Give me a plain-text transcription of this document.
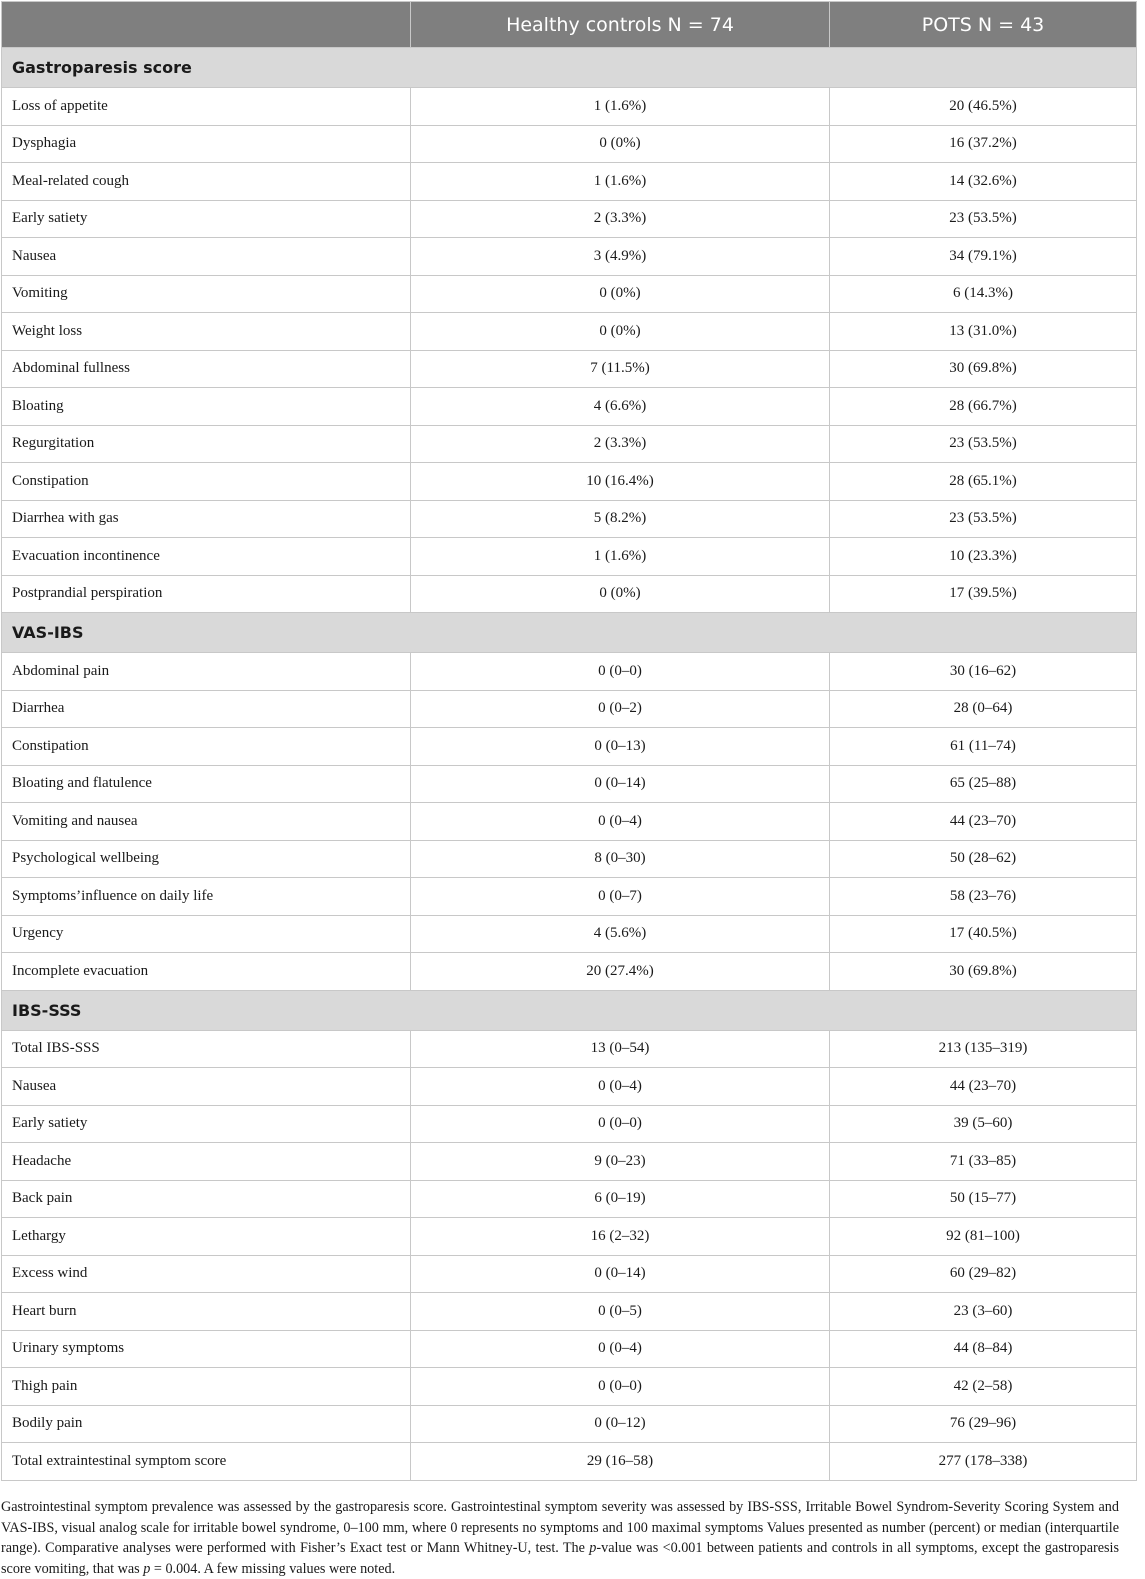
	Healthy controls N = 74	POTS N = 43
Gastroparesis score		
Loss of appetite	1 (1.6%)	20 (46.5%)
Dysphagia	0 (0%)	16 (37.2%)
Meal-related cough	1 (1.6%)	14 (32.6%)
Early satiety	2 (3.3%)	23 (53.5%)
Nausea	3 (4.9%)	34 (79.1%)
Vomiting	0 (0%)	6 (14.3%)
Weight loss	0 (0%)	13 (31.0%)
Abdominal fullness	7 (11.5%)	30 (69.8%)
Bloating	4 (6.6%)	28 (66.7%)
Regurgitation	2 (3.3%)	23 (53.5%)
Constipation	10 (16.4%)	28 (65.1%)
Diarrhea with gas	5 (8.2%)	23 (53.5%)
Evacuation incontinence	1 (1.6%)	10 (23.3%)
Postprandial perspiration	0 (0%)	17 (39.5%)
VAS-IBS		
Abdominal pain	0 (0–0)	30 (16–62)
Diarrhea	0 (0–2)	28 (0–64)
Constipation	0 (0–13)	61 (11–74)
Bloating and flatulence	0 (0–14)	65 (25–88)
Vomiting and nausea	0 (0–4)	44 (23–70)
Psychological wellbeing	8 (0–30)	50 (28–62)
Symptoms’influence on daily life	0 (0–7)	58 (23–76)
Urgency	4 (5.6%)	17 (40.5%)
Incomplete evacuation	20 (27.4%)	30 (69.8%)
IBS-SSS		
Total IBS-SSS	13 (0–54)	213 (135–319)
Nausea	0 (0–4)	44 (23–70)
Early satiety	0 (0–0)	39 (5–60)
Headache	9 (0–23)	71 (33–85)
Back pain	6 (0–19)	50 (15–77)
Lethargy	16 (2–32)	92 (81–100)
Excess wind	0 (0–14)	60 (29–82)
Heart burn	0 (0–5)	23 (3–60)
Urinary symptoms	0 (0–4)	44 (8–84)
Thigh pain	0 (0–0)	42 (2–58)
Bodily pain	0 (0–12)	76 (29–96)
Total extraintestinal symptom score	29 (16–58)	277 (178–338)

Gastrointestinal symptom prevalence was assessed by the gastroparesis score. Gastrointestinal symptom severity was assessed by IBS-SSS, Irritable Bowel Syndrom-Severity Scoring System and VAS-IBS, visual analog scale for irritable bowel syndrome, 0–100 mm, where 0 represents no symptoms and 100 maximal symptoms Values presented as number (percent) or median (interquartile range). Comparative analyses were performed with Fisher’s Exact test or Mann Whitney-U, test. The p-value was <0.001 between patients and controls in all symptoms, except the gastroparesis score vomiting, that was p = 0.004. A few missing values were noted.
